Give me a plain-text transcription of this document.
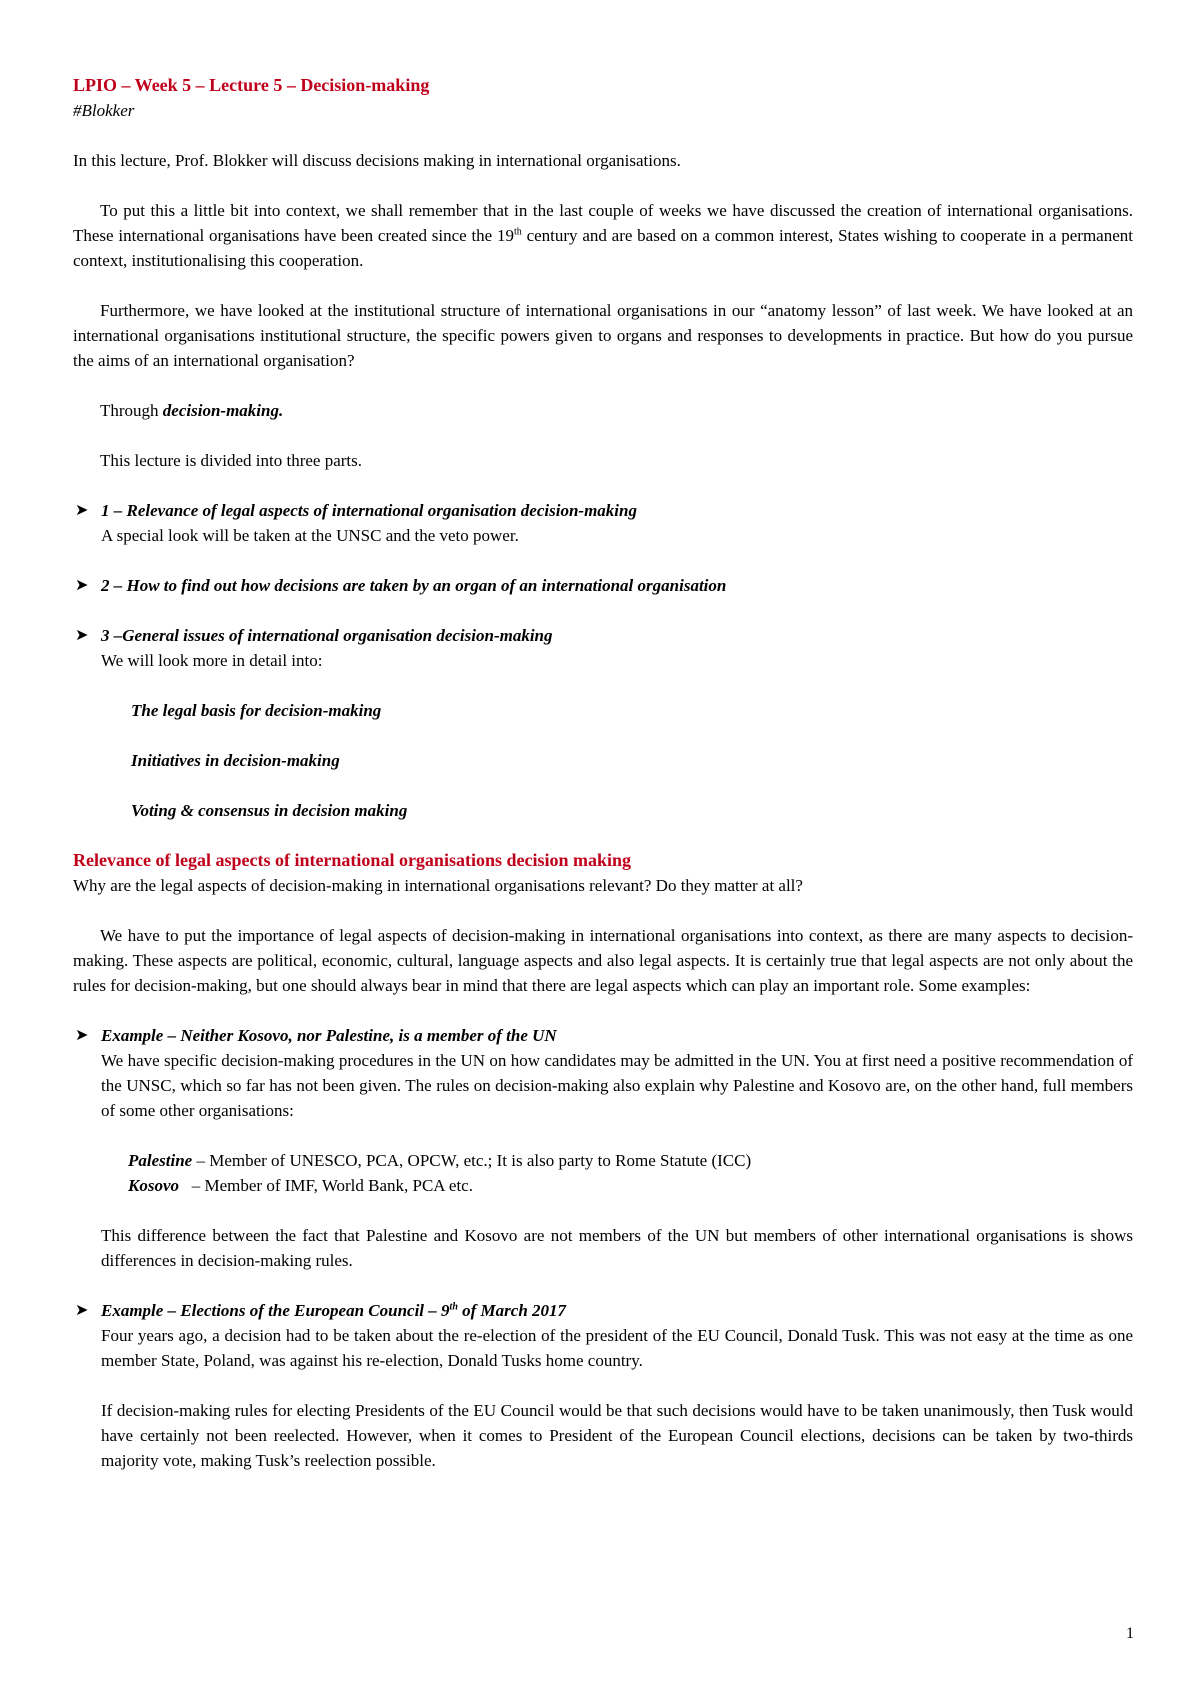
LPIO – Week 5 – Lecture 5 – Decision-making
#Blokker

In this lecture, Prof. Blokker will discuss decisions making in international organisations.

To put this a little bit into context, we shall remember that in the last couple of weeks we have discussed the creation of international organisations. These international organisations have been created since the 19th century and are based on a common interest, States wishing to cooperate in a permanent context, institutionalising this cooperation.

Furthermore, we have looked at the institutional structure of international organisations in our “anatomy lesson” of last week. We have looked at an international organisations institutional structure, the specific powers given to organs and responses to developments in practice. But how do you pursue the aims of an international organisation?

Through decision-making.

This lecture is divided into three parts.

➤ 1 – Relevance of legal aspects of international organisation decision-making
A special look will be taken at the UNSC and the veto power.
➤ 2 – How to find out how decisions are taken by an organ of an international organisation
➤ 3 –General issues of international organisation decision-making
We will look more in detail into:
The legal basis for decision-making
Initiatives in decision-making
Voting & consensus in decision making
Relevance of legal aspects of international organisations decision making

Why are the legal aspects of decision-making in international organisations relevant? Do they matter at all?

We have to put the importance of legal aspects of decision-making in international organisations into context, as there are many aspects to decision-making. These aspects are political, economic, cultural, language aspects and also legal aspects. It is certainly true that legal aspects are not only about the rules for decision-making, but one should always bear in mind that there are legal aspects which can play an important role. Some examples:

➤ Example – Neither Kosovo, nor Palestine, is a member of the UN
We have specific decision-making procedures in the UN on how candidates may be admitted in the UN. You at first need a positive recommendation of the UNSC, which so far has not been given. The rules on decision-making also explain why Palestine and Kosovo are, on the other hand, full members of some other organisations:
Palestine – Member of UNESCO, PCA, OPCW, etc.; It is also party to Rome Statute (ICC)
Kosovo   – Member of IMF, World Bank, PCA etc.
This difference between the fact that Palestine and Kosovo are not members of the UN but members of other international organisations is shows differences in decision-making rules.
➤ Example – Elections of the European Council – 9th of March 2017
Four years ago, a decision had to be taken about the re-election of the president of the EU Council, Donald Tusk. This was not easy at the time as one member State, Poland, was against his re-election, Donald Tusks home country.
If decision-making rules for electing Presidents of the EU Council would be that such decisions would have to be taken unanimously, then Tusk would have certainly not been reelected. However, when it comes to President of the European Council elections, decisions can be taken by two-thirds majority vote, making Tusk’s reelection possible.
1
